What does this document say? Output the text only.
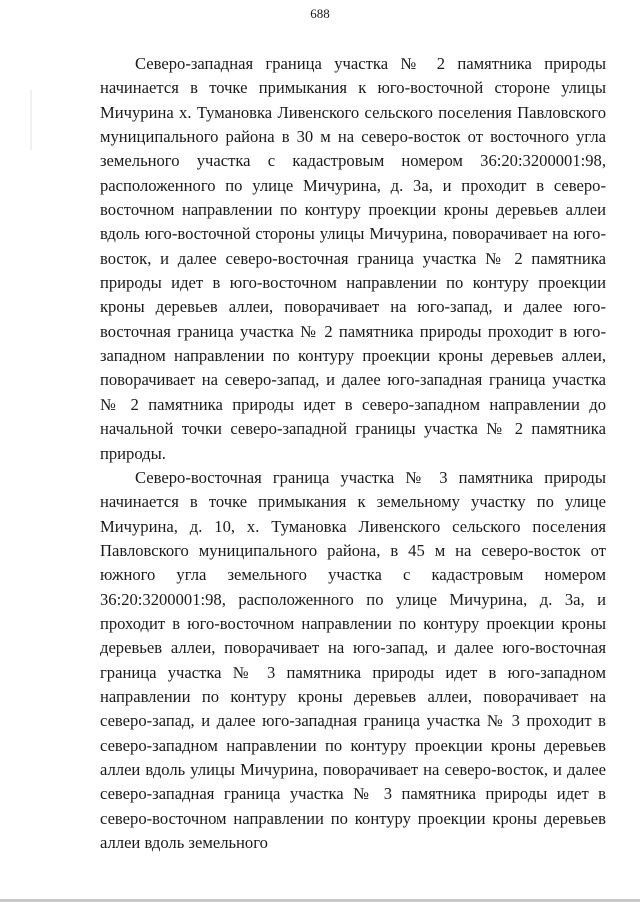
688

Северо-западная граница участка № 2 памятника природы начинается в точке примыкания к юго-восточной стороне улицы Мичурина х. Тумановка Ливенского сельского поселения Павловского муниципального района в 30 м на северо-восток от восточного угла земельного участка с кадастровым номером 36:20:3200001:98, расположенного по улице Мичурина, д. 3а, и проходит в северо-восточном направлении по контуру проекции кроны деревьев аллеи вдоль юго-восточной стороны улицы Мичурина, поворачивает на юго-восток, и далее северо-восточная граница участка № 2 памятника природы идет в юго-восточном направлении по контуру проекции кроны деревьев аллеи, поворачивает на юго-запад, и далее юго-восточная граница участка № 2 памятника природы проходит в юго-западном направлении по контуру проекции кроны деревьев аллеи, поворачивает на северо-запад, и далее юго-западная граница участка № 2 памятника природы идет в северо-западном направлении до начальной точки северо-западной границы участка № 2 памятника природы.

Северо-восточная граница участка № 3 памятника природы начинается в точке примыкания к земельному участку по улице Мичурина, д. 10, х. Тумановка Ливенского сельского поселения Павловского муниципального района, в 45 м на северо-восток от южного угла земельного участка с кадастровым номером 36:20:3200001:98, расположенного по улице Мичурина, д. 3а, и проходит в юго-восточном направлении по контуру проекции кроны деревьев аллеи, поворачивает на юго-запад, и далее юго-восточная граница участка № 3 памятника природы идет в юго-западном направлении по контуру кроны деревьев аллеи, поворачивает на северо-запад, и далее юго-западная граница участка № 3 проходит в северо-западном направлении по контуру проекции кроны деревьев аллеи вдоль улицы Мичурина, поворачивает на северо-восток, и далее северо-западная граница участка № 3 памятника природы идет в северо-восточном направлении по контуру проекции кроны деревьев аллеи вдоль земельного
